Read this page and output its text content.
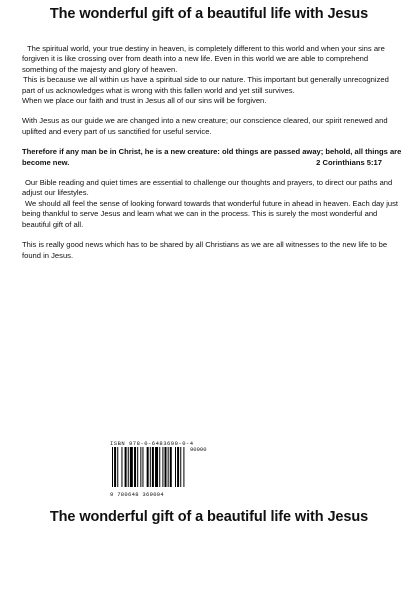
The wonderful gift of a beautiful life with Jesus
The spiritual world, your true destiny in heaven, is completely different to this world and when your sins are forgiven it is like crossing over from death into a new life. Even in this world we are able to comprehend something of the majesty and glory of heaven.
This is because we all within us have a spiritual side to our nature. This important but generally unrecognized part of us acknowledges what is wrong with this fallen world and yet still survives.
When we place our faith and trust in Jesus all of our sins will be forgiven.
With Jesus as our guide we are changed into a new creature; our conscience cleared, our spirit renewed and uplifted and every part of us sanctified for useful service.
Therefore if any man be in Christ, he is a new creature: old things are passed away; behold, all things are become new.	2 Corinthians 5:17
Our Bible reading and quiet times are essential to challenge our thoughts and prayers, to direct our paths and adjust our lifestyles.
We should all feel the sense of looking forward towards that wonderful future in ahead in heaven. Each day just being thankful to serve Jesus and learn what we can in the process. This is surely the most wonderful and beautiful gift of all.
This is really good news which has to be shared by all Christians as we are all witnesses to the new life to be found in Jesus.
ISBN 978-0-6483690-0-4
9 780648 369004
90000
The wonderful gift of a beautiful life with Jesus
